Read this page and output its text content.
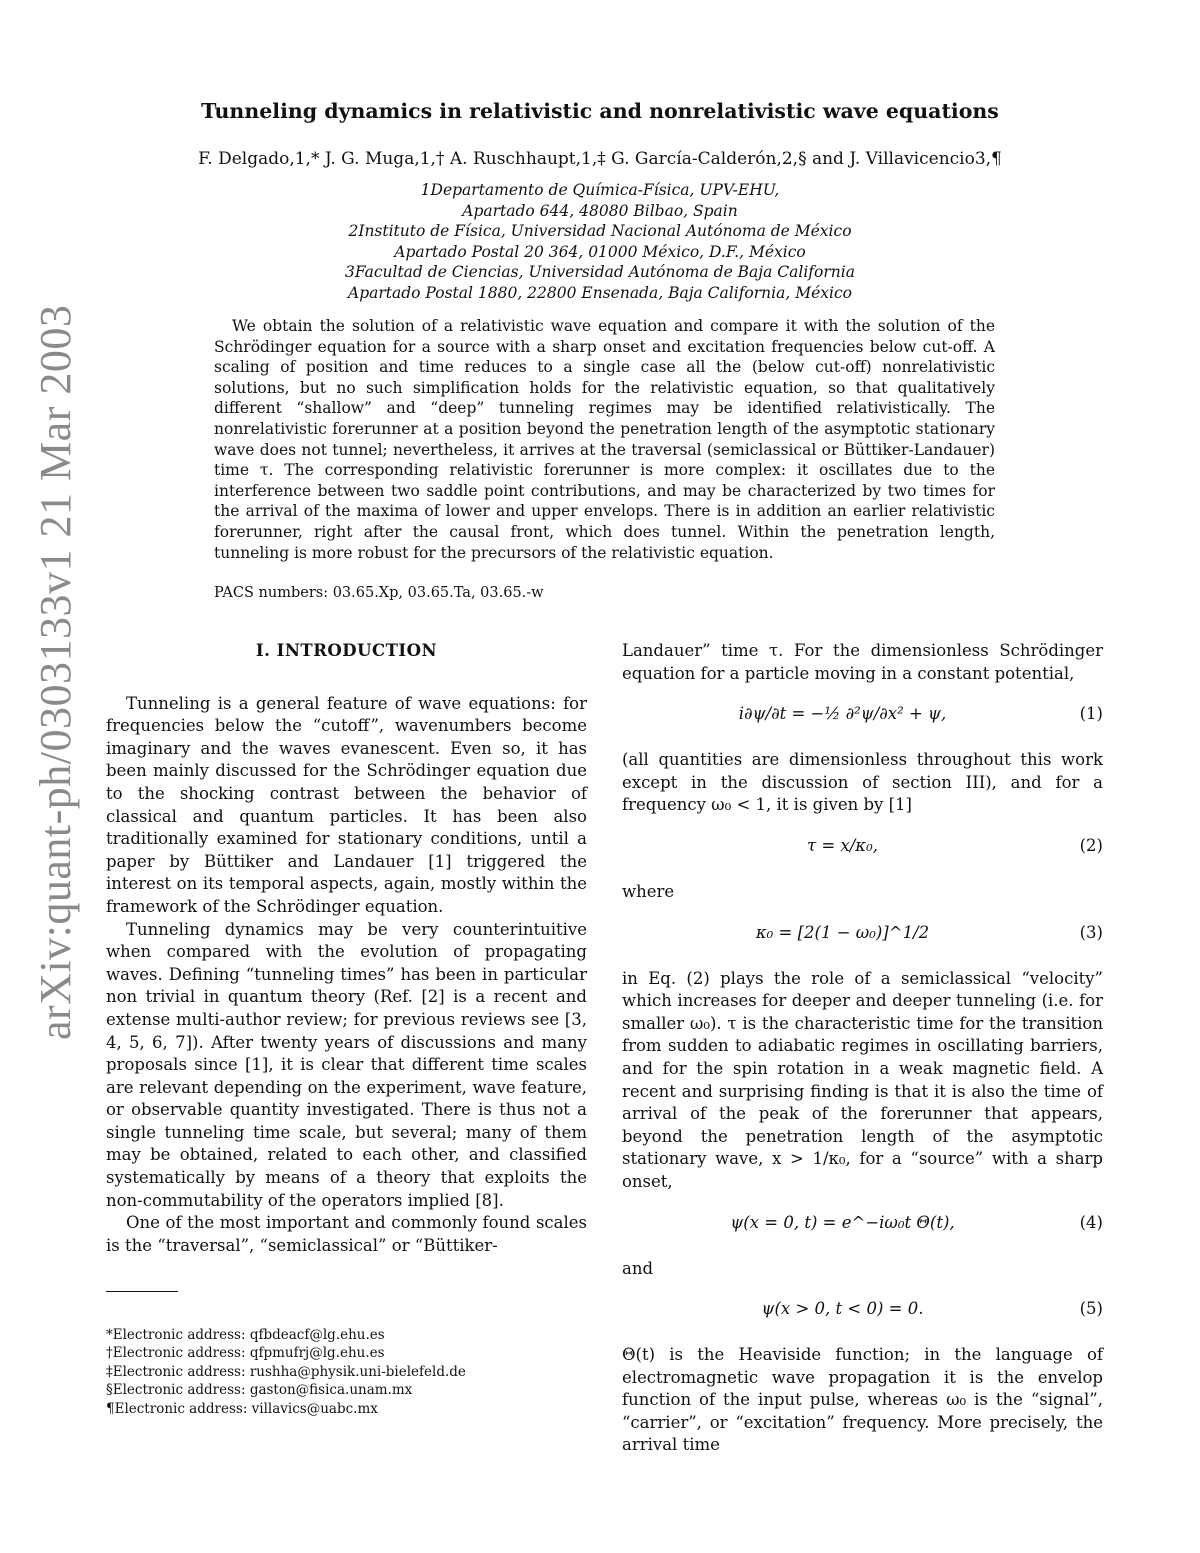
arXiv:quant-ph/0303133v1 21 Mar 2003
Tunneling dynamics in relativistic and nonrelativistic wave equations
F. Delgado,1,* J. G. Muga,1,† A. Ruschhaupt,1,‡ G. García-Calderón,2,§ and J. Villavicencio3,¶
1Departamento de Química-Física, UPV-EHU,
Apartado 644, 48080 Bilbao, Spain
2Instituto de Física, Universidad Nacional Autónoma de México
Apartado Postal 20 364, 01000 México, D.F., México
3Facultad de Ciencias, Universidad Autónoma de Baja California
Apartado Postal 1880, 22800 Ensenada, Baja California, México
We obtain the solution of a relativistic wave equation and compare it with the solution of the Schrödinger equation for a source with a sharp onset and excitation frequencies below cut-off. A scaling of position and time reduces to a single case all the (below cut-off) nonrelativistic solutions, but no such simplification holds for the relativistic equation, so that qualitatively different “shallow” and “deep” tunneling regimes may be identified relativistically. The nonrelativistic forerunner at a position beyond the penetration length of the asymptotic stationary wave does not tunnel; nevertheless, it arrives at the traversal (semiclassical or Büttiker-Landauer) time τ. The corresponding relativistic forerunner is more complex: it oscillates due to the interference between two saddle point contributions, and may be characterized by two times for the arrival of the maxima of lower and upper envelops. There is in addition an earlier relativistic forerunner, right after the causal front, which does tunnel. Within the penetration length, tunneling is more robust for the precursors of the relativistic equation.
PACS numbers: 03.65.Xp, 03.65.Ta, 03.65.-w
I. INTRODUCTION

Tunneling is a general feature of wave equations: for frequencies below the “cutoff”, wavenumbers become imaginary and the waves evanescent. Even so, it has been mainly discussed for the Schrödinger equation due to the shocking contrast between the behavior of classical and quantum particles. It has been also traditionally examined for stationary conditions, until a paper by Büttiker and Landauer [1] triggered the interest on its temporal aspects, again, mostly within the framework of the Schrödinger equation.

Tunneling dynamics may be very counterintuitive when compared with the evolution of propagating waves. Defining “tunneling times” has been in particular non trivial in quantum theory (Ref. [2] is a recent and extense multi-author review; for previous reviews see [3, 4, 5, 6, 7]). After twenty years of discussions and many proposals since [1], it is clear that different time scales are relevant depending on the experiment, wave feature, or observable quantity investigated. There is thus not a single tunneling time scale, but several; many of them may be obtained, related to each other, and classified systematically by means of a theory that exploits the non-commutability of the operators implied [8].

One of the most important and commonly found scales is the “traversal”, “semiclassical” or “Büttiker-

Landauer” time τ. For the dimensionless Schrödinger equation for a particle moving in a constant potential,

i∂ψ/∂t = −½ ∂²ψ/∂x² + ψ,	(1)

(all quantities are dimensionless throughout this work except in the discussion of section III), and for a frequency ω₀ < 1, it is given by [1]

τ = x/κ₀,	(2)

where

κ₀ = [2(1 − ω₀)]^1/2	(3)

in Eq. (2) plays the role of a semiclassical “velocity” which increases for deeper and deeper tunneling (i.e. for smaller ω₀). τ is the characteristic time for the transition from sudden to adiabatic regimes in oscillating barriers, and for the spin rotation in a weak magnetic field. A recent and surprising finding is that it is also the time of arrival of the peak of the forerunner that appears, beyond the penetration length of the asymptotic stationary wave, x > 1/κ₀, for a “source” with a sharp onset,

ψ(x = 0, t) = e^−iω₀t Θ(t),	(4)

and

ψ(x > 0, t < 0) = 0.	(5)

Θ(t) is the Heaviside function; in the language of electromagnetic wave propagation it is the envelop function of the input pulse, whereas ω₀ is the “signal”, “carrier”, or “excitation” frequency. More precisely, the arrival time

*Electronic address: qfbdeacf@lg.ehu.es
†Electronic address: qfpmufrj@lg.ehu.es
‡Electronic address: rushha@physik.uni-bielefeld.de
§Electronic address: gaston@fisica.unam.mx
¶Electronic address: villavics@uabc.mx
